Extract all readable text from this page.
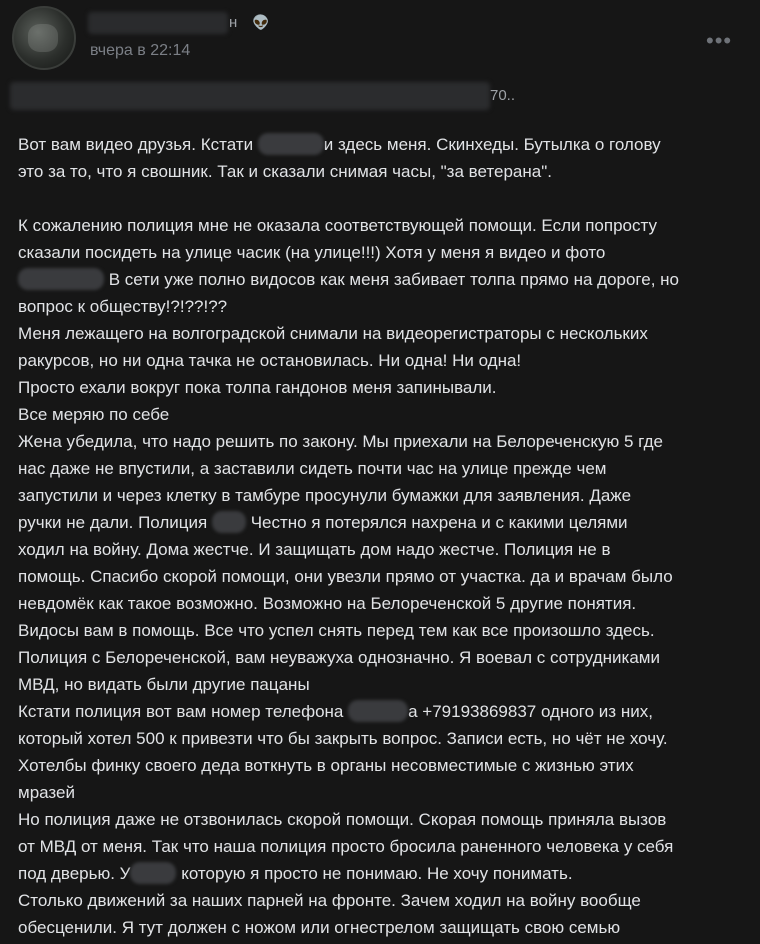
н 👽
вчера в 22:14	•••
70..
Вот вам видео друзья. Кстати	и здесь меня. Скинхеды. Бутылка о голову
это за то, что я свошник. Так и сказали снимая часы, "за ветерана".
К сожалению полиция мне не оказала соответствующей помощи. Если попросту
сказали посидеть на улице часик (на улице!!!) Хотя у меня я видео и фото
В сети уже полно видосов как меня забивает толпа прямо на дороге, но
вопрос к обществу!?!??!??
Меня лежащего на волгоградской снимали на видеорегистраторы с нескольких
ракурсов, но ни одна тачка не остановилась. Ни одна! Ни одна!
Просто ехали вокруг пока толпа гандонов меня запинывали.
Все меряю по себе
Жена убедила, что надо решить по закону. Мы приехали на Белореченскую 5 где
нас даже не впустили, а заставили сидеть почти час на улице прежде чем
запустили и через клетку в тамбуре просунули бумажки для заявления. Даже
ручки не дали. Полиция	Честно я потерялся нахрена и с какими целями
ходил на войну. Дома жестче. И защищать дом надо жестче. Полиция не в
помощь. Спасибо скорой помощи, они увезли прямо от участка. да и врачам было
невдомёк как такое возможно. Возможно на Белореченской 5 другие понятия.
Видосы вам в помощь. Все что успел снять перед тем как все произошло здесь.
Полиция с Белореченской, вам неуважуха однозначно. Я воевал с сотрудниками
МВД, но видать были другие пацаны
Кстати полиция вот вам номер телефона	а +79193869837 одного из них,
который хотел 500 к привезти что бы закрыть вопрос. Записи есть, но чёт не хочу.
Хотелбы финку своего деда воткнуть в органы несовместимые с жизнью этих
мразей
Но полиция даже не отзвонилась скорой помощи. Скорая помощь приняла вызов
от МВД от меня. Так что наша полиция просто бросила раненного человека у себя
под дверью. У	которую я просто не понимаю. Не хочу понимать.
Столько движений за наших парней на фронте. Зачем ходил на войну вообще
обесценили. Я тут должен с ножом или огнестрелом защищать свою семью
